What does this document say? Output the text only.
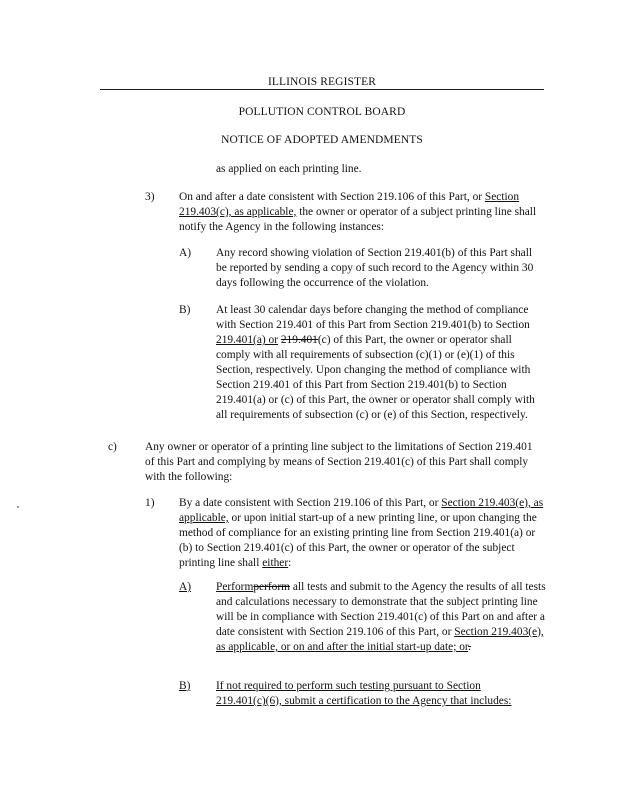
ILLINOIS REGISTER
POLLUTION CONTROL BOARD
NOTICE OF ADOPTED AMENDMENTS
as applied on each printing line.
3) On and after a date consistent with Section 219.106 of this Part, or Section 219.403(c), as applicable, the owner or operator of a subject printing line shall notify the Agency in the following instances:
A) Any record showing violation of Section 219.401(b) of this Part shall be reported by sending a copy of such record to the Agency within 30 days following the occurrence of the violation.
B) At least 30 calendar days before changing the method of compliance with Section 219.401 of this Part from Section 219.401(b) to Section 219.401(a) or 219.401(c) of this Part, the owner or operator shall comply with all requirements of subsection (c)(1) or (e)(1) of this Section, respectively. Upon changing the method of compliance with Section 219.401 of this Part from Section 219.401(b) to Section 219.401(a) or (c) of this Part, the owner or operator shall comply with all requirements of subsection (c) or (e) of this Section, respectively.
c) Any owner or operator of a printing line subject to the limitations of Section 219.401 of this Part and complying by means of Section 219.401(c) of this Part shall comply with the following:
1) By a date consistent with Section 219.106 of this Part, or Section 219.403(e), as applicable, or upon initial start-up of a new printing line, or upon changing the method of compliance for an existing printing line from Section 219.401(a) or (b) to Section 219.401(c) of this Part, the owner or operator of the subject printing line shall either:
A) Performperform all tests and submit to the Agency the results of all tests and calculations necessary to demonstrate that the subject printing line will be in compliance with Section 219.401(c) of this Part on and after a date consistent with Section 219.106 of this Part, or Section 219.403(e), as applicable, or on and after the initial start-up date; or.
B) If not required to perform such testing pursuant to Section 219.401(c)(6), submit a certification to the Agency that includes:
